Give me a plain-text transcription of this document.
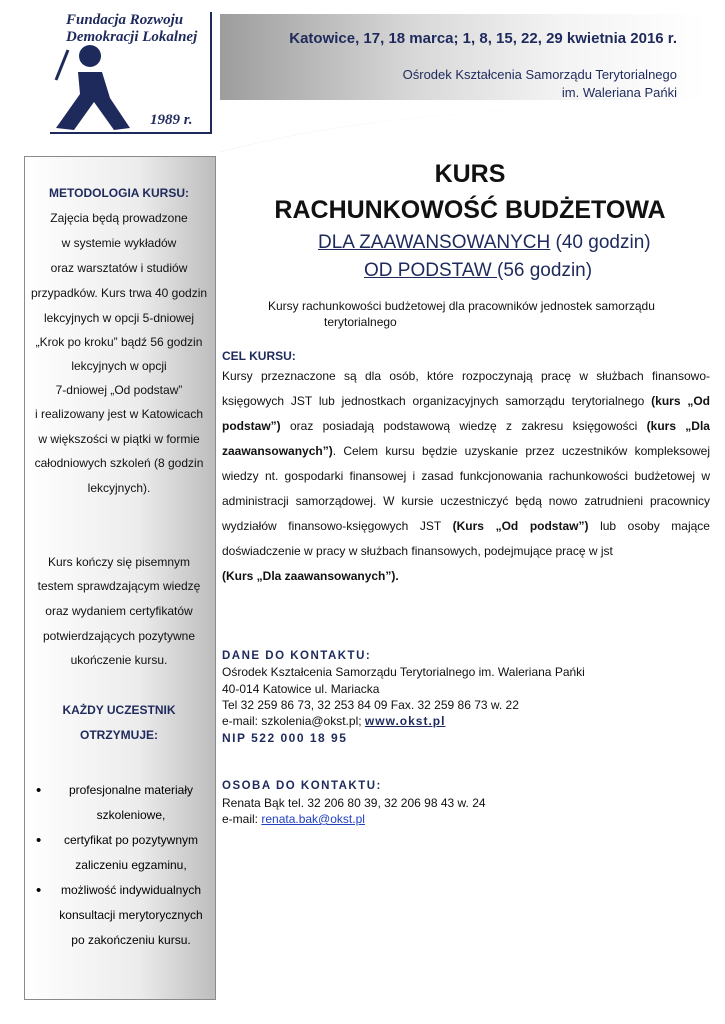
Fundacja Rozwoju
Demokracji Lokalnej
1989 r.
Katowice, 17, 18 marca; 1, 8, 15, 22, 29 kwietnia 2016 r.
Ośrodek Kształcenia Samorządu Terytorialnego
im. Waleriana Pańki
METODOLOGIA KURSU:
Zajęcia będą prowadzone
w systemie wykładów
oraz warsztatów i studiów
przypadków. Kurs trwa 40 godzin
lekcyjnych w opcji 5-dniowej
„Krok po kroku” bądź 56 godzin
lekcyjnych w opcji
7-dniowej „Od podstaw”
i realizowany jest w Katowicach
w większości w piątki w formie
całodniowych szkoleń (8 godzin
lekcyjnych).
Kurs kończy się pisemnym
testem sprawdzającym wiedzę
oraz wydaniem certyfikatów
potwierdzających pozytywne
ukończenie kursu.
KAŻDY UCZESTNIK
OTRZYMUJE:
• profesjonalne materiały
szkoleniowe,
• certyfikat po pozytywnym
zaliczeniu egzaminu,
• możliwość indywidualnych
konsultacji merytorycznych
po zakończeniu kursu.
KURS
RACHUNKOWOŚĆ BUDŻETOWA
DLA ZAAWANSOWANYCH (40 godzin)
OD PODSTAW (56 godzin)
Kursy rachunkowości budżetowej dla pracowników jednostek samorządu
terytorialnego
CEL KURSU:
Kursy przeznaczone są dla osób, które rozpoczynają pracę w służbach finansowo-księgowych JST lub jednostkach organizacyjnych samorządu terytorialnego (kurs „Od podstaw”) oraz posiadają podstawową wiedzę z zakresu księgowości (kurs „Dla zaawansowanych”). Celem kursu będzie uzyskanie przez uczestników kompleksowej wiedzy nt. gospodarki finansowej i zasad funkcjonowania rachunkowości budżetowej w administracji samorządowej. W kursie uczestniczyć będą nowo zatrudnieni pracownicy wydziałów finansowo-księgowych JST (Kurs „Od podstaw”) lub osoby mające doświadczenie w pracy w służbach finansowych, podejmujące pracę w jst
(Kurs „Dla zaawansowanych”).
DANE DO KONTAKTU:
Ośrodek Kształcenia Samorządu Terytorialnego im. Waleriana Pańki
40-014 Katowice ul. Mariacka
Tel 32 259 86 73, 32 253 84 09 Fax. 32 259 86 73 w. 22
e-mail: szkolenia@okst.pl; www.okst.pl
NIP 522 000 18 95
OSOBA DO KONTAKTU:
Renata Bąk tel. 32 206 80 39, 32 206 98 43 w. 24
e-mail: renata.bak@okst.pl
